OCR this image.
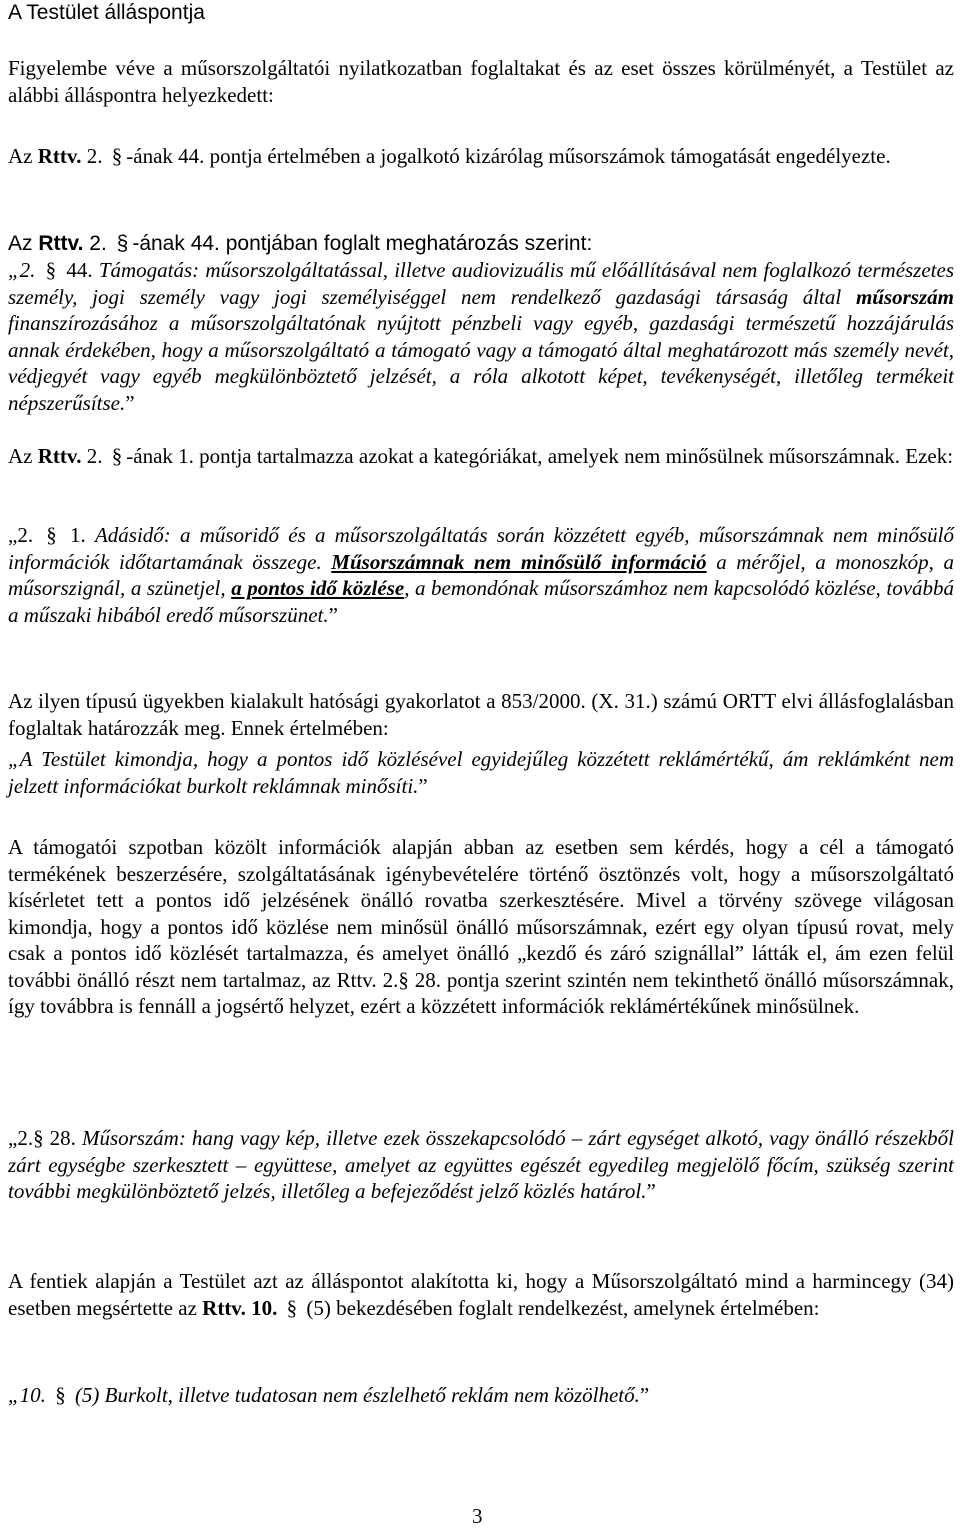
A Testület álláspontja
Figyelembe véve a műsorszolgáltatói nyilatkozatban foglaltakat és az eset összes körülményét, a Testület az alábbi álláspontra helyezkedett:
Az Rttv. 2. § -ának 44. pontja értelmében a jogalkotó kizárólag műsorszámok támogatását engedélyezte.
Az Rttv. 2. § -ának 44. pontjában foglalt meghatározás szerint:
„2. § 44. Támogatás: műsorszolgáltatással, illetve audiovizuális mű előállításával nem foglalkozó természetes személy, jogi személy vagy jogi személyiséggel nem rendelkező gazdasági társaság által műsorszám finanszírozásához a műsorszolgáltatónak nyújtott pénzbeli vagy egyéb, gazdasági természetű hozzájárulás annak érdekében, hogy a műsorszolgáltató a támogató vagy a támogató által meghatározott más személy nevét, védjegyét vagy egyéb megkülönböztető jelzését, a róla alkotott képet, tevékenységét, illetőleg termékeit népszerűsítse.”
Az Rttv. 2. § -ának 1. pontja tartalmazza azokat a kategóriákat, amelyek nem minősülnek műsorszámnak. Ezek:
„2. § 1. Adásidő: a műsoridő és a műsorszolgáltatás során közzétett egyéb, műsorszámnak nem minősülő információk időtartamának összege. Műsorszámnak nem minősülő információ a mérőjel, a monoszkóp, a műsorszignál, a szünetjel, a pontos idő közlése, a bemondónak műsorszámhoz nem kapcsolódó közlése, továbbá a műszaki hibából eredő műsorszünet.”
Az ilyen típusú ügyekben kialakult hatósági gyakorlatot a 853/2000. (X. 31.) számú ORTT elvi állásfoglalásban foglaltak határozzák meg. Ennek értelmében:
„A Testület kimondja, hogy a pontos idő közlésével egyidejűleg közzétett reklámértékű, ám reklámként nem jelzett információkat burkolt reklámnak minősíti.”
A támogatói szpotban közölt információk alapján abban az esetben sem kérdés, hogy a cél a támogató termékének beszerzésére, szolgáltatásának igénybevételére történő ösztönzés volt, hogy a műsorszolgáltató kísérletet tett a pontos idő jelzésének önálló rovatba szerkesztésére. Mivel a törvény szövege világosan kimondja, hogy a pontos idő közlése nem minősül önálló műsorszámnak, ezért egy olyan típusú rovat, mely csak a pontos idő közlését tartalmazza, és amelyet önálló „kezdő és záró szignállal” látták el, ám ezen felül további önálló részt nem tartalmaz, az Rttv. 2.§ 28. pontja szerint szintén nem tekinthető önálló műsorszámnak, így továbbra is fennáll a jogsértő helyzet, ezért a közzétett információk reklámértékűnek minősülnek.
„2.§ 28. Műsorszám: hang vagy kép, illetve ezek összekapcsolódó – zárt egységet alkotó, vagy önálló részekből zárt egységbe szerkesztett – együttese, amelyet az együttes egészét egyedileg megjelölő főcím, szükség szerint további megkülönböztető jelzés, illetőleg a befejeződést jelző közlés határol.”
A fentiek alapján a Testület azt az álláspontot alakította ki, hogy a Műsorszolgáltató mind a harmincegy (34) esetben megsértette az Rttv. 10. § (5) bekezdésében foglalt rendelkezést, amelynek értelmében:
„10. § (5) Burkolt, illetve tudatosan nem észlelhető reklám nem közölhető.”
3
